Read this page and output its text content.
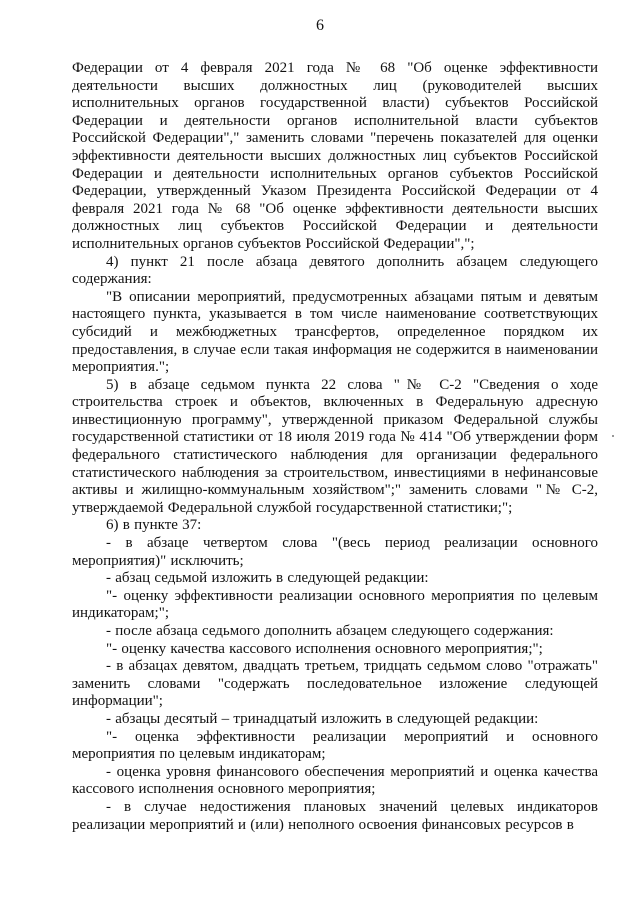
6

Федерации от 4 февраля 2021 года № 68 "Об оценке эффективности деятельности высших должностных лиц (руководителей высших исполнительных органов государственной власти) субъектов Российской Федерации и деятельности органов исполнительной власти субъектов Российской Федерации"," заменить словами "перечень показателей для оценки эффективности деятельности высших должностных лиц субъектов Российской Федерации и деятельности исполнительных органов субъектов Российской Федерации, утвержденный Указом Президента Российской Федерации от 4 февраля 2021 года № 68 "Об оценке эффективности деятельности высших должностных лиц субъектов Российской Федерации и деятельности исполнительных органов субъектов Российской Федерации",";

4) пункт 21 после абзаца девятого дополнить абзацем следующего содержания:

"В описании мероприятий, предусмотренных абзацами пятым и девятым настоящего пункта, указывается в том числе наименование соответствующих субсидий и межбюджетных трансфертов, определенное порядком их предоставления, в случае если такая информация не содержится в наименовании мероприятия.";

5) в абзаце седьмом пункта 22 слова "№ С-2 "Сведения о ходе строительства строек и объектов, включенных в Федеральную адресную инвестиционную программу", утвержденной приказом Федеральной службы государственной статистики от 18 июля 2019 года № 414 "Об утверждении форм федерального статистического наблюдения для организации федерального статистического наблюдения за строительством, инвестициями в нефинансовые активы и жилищно-коммунальным хозяйством";" заменить словами "№ С-2, утверждаемой Федеральной службой государственной статистики;";

6) в пункте 37:

- в абзаце четвертом слова "(весь период реализации основного мероприятия)" исключить;

- абзац седьмой изложить в следующей редакции:

"- оценку эффективности реализации основного мероприятия по целевым индикаторам;";

- после абзаца седьмого дополнить абзацем следующего содержания:

"- оценку качества кассового исполнения основного мероприятия;";

- в абзацах девятом, двадцать третьем, тридцать седьмом слово "отражать" заменить словами "содержать последовательное изложение следующей информации";

- абзацы десятый – тринадцатый изложить в следующей редакции:

"- оценка эффективности реализации мероприятий и основного мероприятия по целевым индикаторам;

- оценка уровня финансового обеспечения мероприятий и оценка качества кассового исполнения основного мероприятия;

- в случае недостижения плановых значений целевых индикаторов реализации мероприятий и (или) неполного освоения финансовых ресурсов в
